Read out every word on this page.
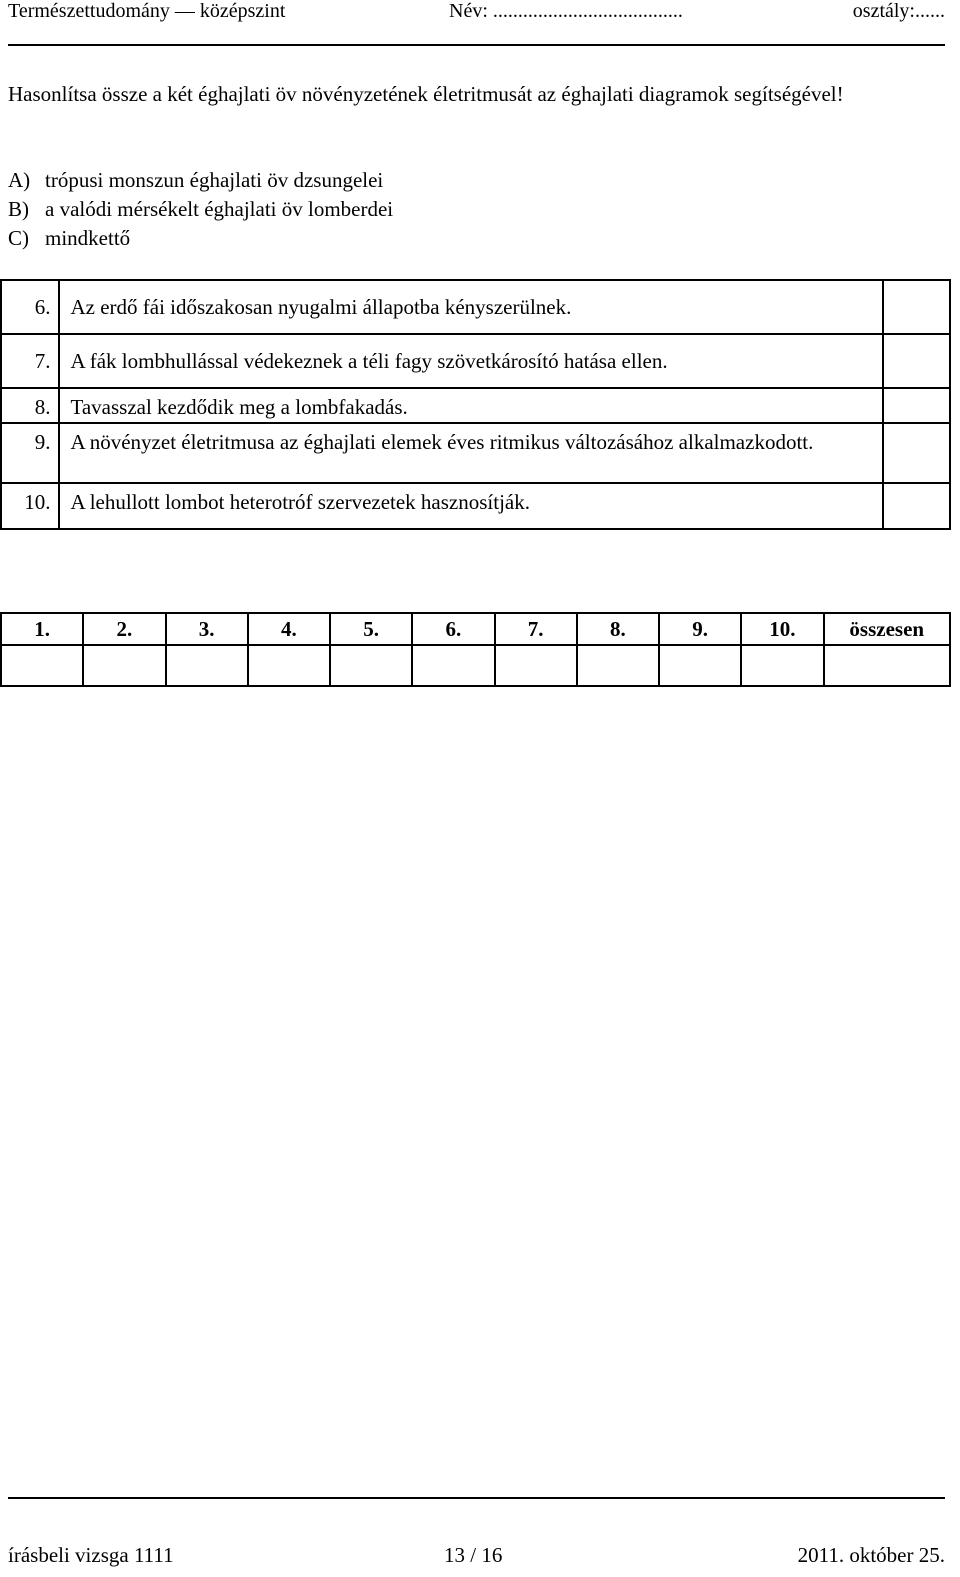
Természettudomány — középszint	Név: ......................................	osztály:......
Hasonlítsa össze a két éghajlati öv növényzetének életritmusát az éghajlati diagramok segítségével!
A) trópusi monszun éghajlati öv dzsungelei
B) a valódi mérsékelt éghajlati öv lomberdei
C) mindkettő
6.	Az erdő fái időszakosan nyugalmi állapotba kényszerülnek.	
7.	A fák lombhullással védekeznek a téli fagy szövetkárosító hatása ellen.	
8.	Tavasszal kezdődik meg a lombfakadás.	
9.	A növényzet életritmusa az éghajlati elemek éves ritmikus változásához alkalmazkodott.	
10.	A lehullott lombot heterotróf szervezetek hasznosítják.	
1.	2.	3.	4.	5.	6.	7.	8.	9.	10.	összesen

írásbeli vizsga 1111	13 / 16	2011. október 25.
